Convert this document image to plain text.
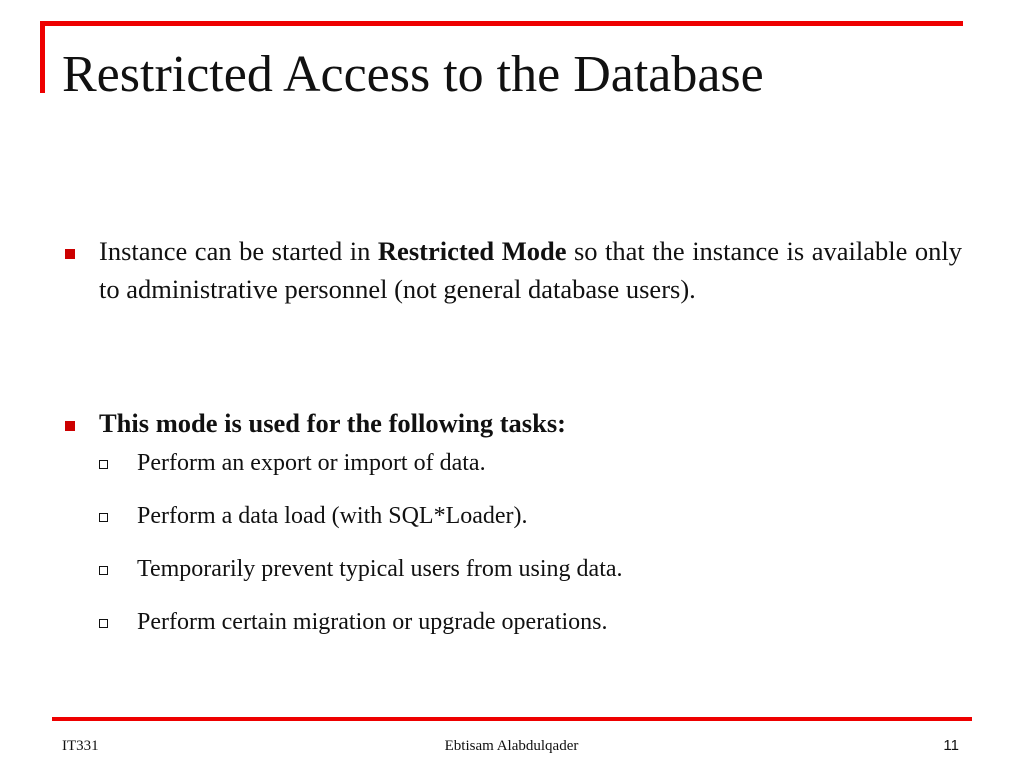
Restricted Access to the Database

Instance can be started in Restricted Mode so that the instance is available only to administrative personnel (not general database users).

This mode is used for the following tasks:

Perform an export or import of data.
Perform a data load (with SQL*Loader).
Temporarily prevent typical users from using data.
Perform certain migration or upgrade operations.
IT331	Ebtisam Alabdulqader	11
